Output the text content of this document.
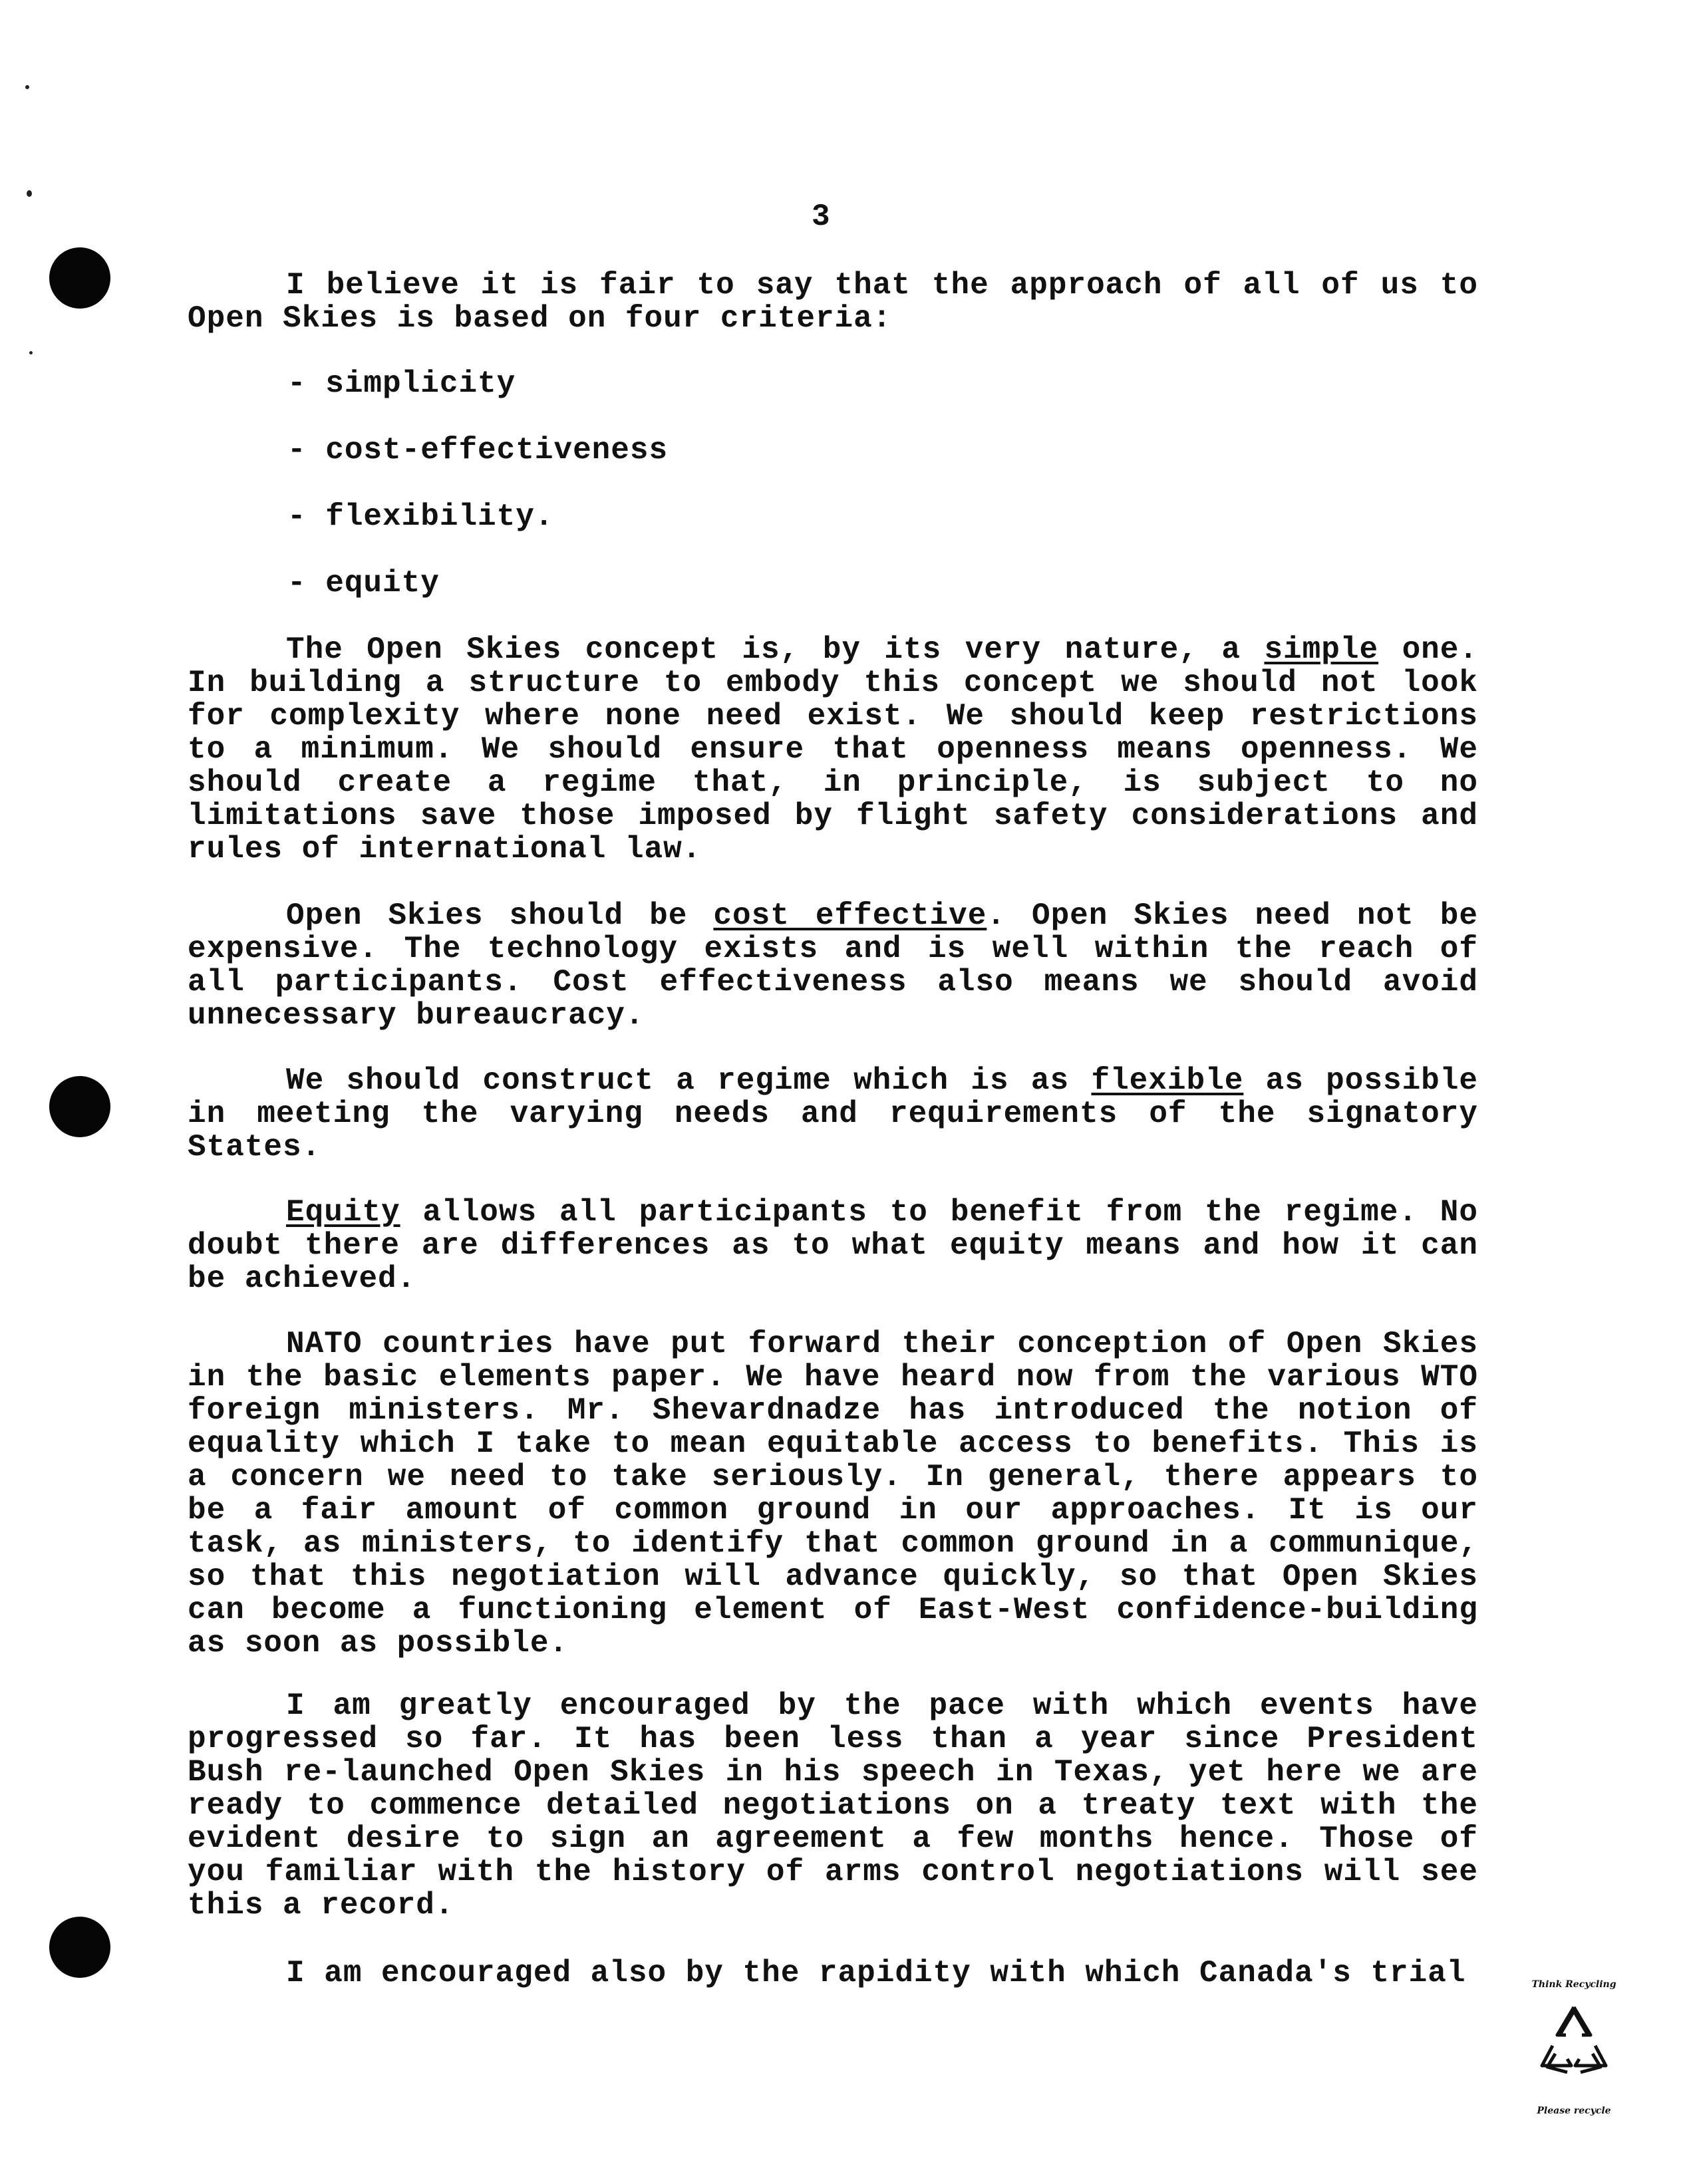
3
I believe it is fair to say that the approach of all of us to Open Skies is based on four criteria:
- simplicity
- cost-effectiveness
- flexibility.
- equity
The Open Skies concept is, by its very nature, a simple one. In building a structure to embody this concept we should not look for complexity where none need exist. We should keep restrictions to a minimum. We should ensure that openness means openness. We should create a regime that, in principle, is subject to no limitations save those imposed by flight safety considerations and rules of international law.
Open Skies should be cost effective. Open Skies need not be expensive. The technology exists and is well within the reach of all participants. Cost effectiveness also means we should avoid unnecessary bureaucracy.
We should construct a regime which is as flexible as possible in meeting the varying needs and requirements of the signatory States.
Equity allows all participants to benefit from the regime. No doubt there are differences as to what equity means and how it can be achieved.
NATO countries have put forward their conception of Open Skies in the basic elements paper. We have heard now from the various WTO foreign ministers. Mr. Shevardnadze has introduced the notion of equality which I take to mean equitable access to benefits. This is a concern we need to take seriously. In general, there appears to be a fair amount of common ground in our approaches. It is our task, as ministers, to identify that common ground in a communique, so that this negotiation will advance quickly, so that Open Skies can become a functioning element of East-West confidence-building as soon as possible.
I am greatly encouraged by the pace with which events have progressed so far. It has been less than a year since President Bush re-launched Open Skies in his speech in Texas, yet here we are ready to commence detailed negotiations on a treaty text with the evident desire to sign an agreement a few months hence. Those of you familiar with the history of arms control negotiations will see this a record.
I am encouraged also by the rapidity with which Canada's trial	Think Recycling
Please recycle
